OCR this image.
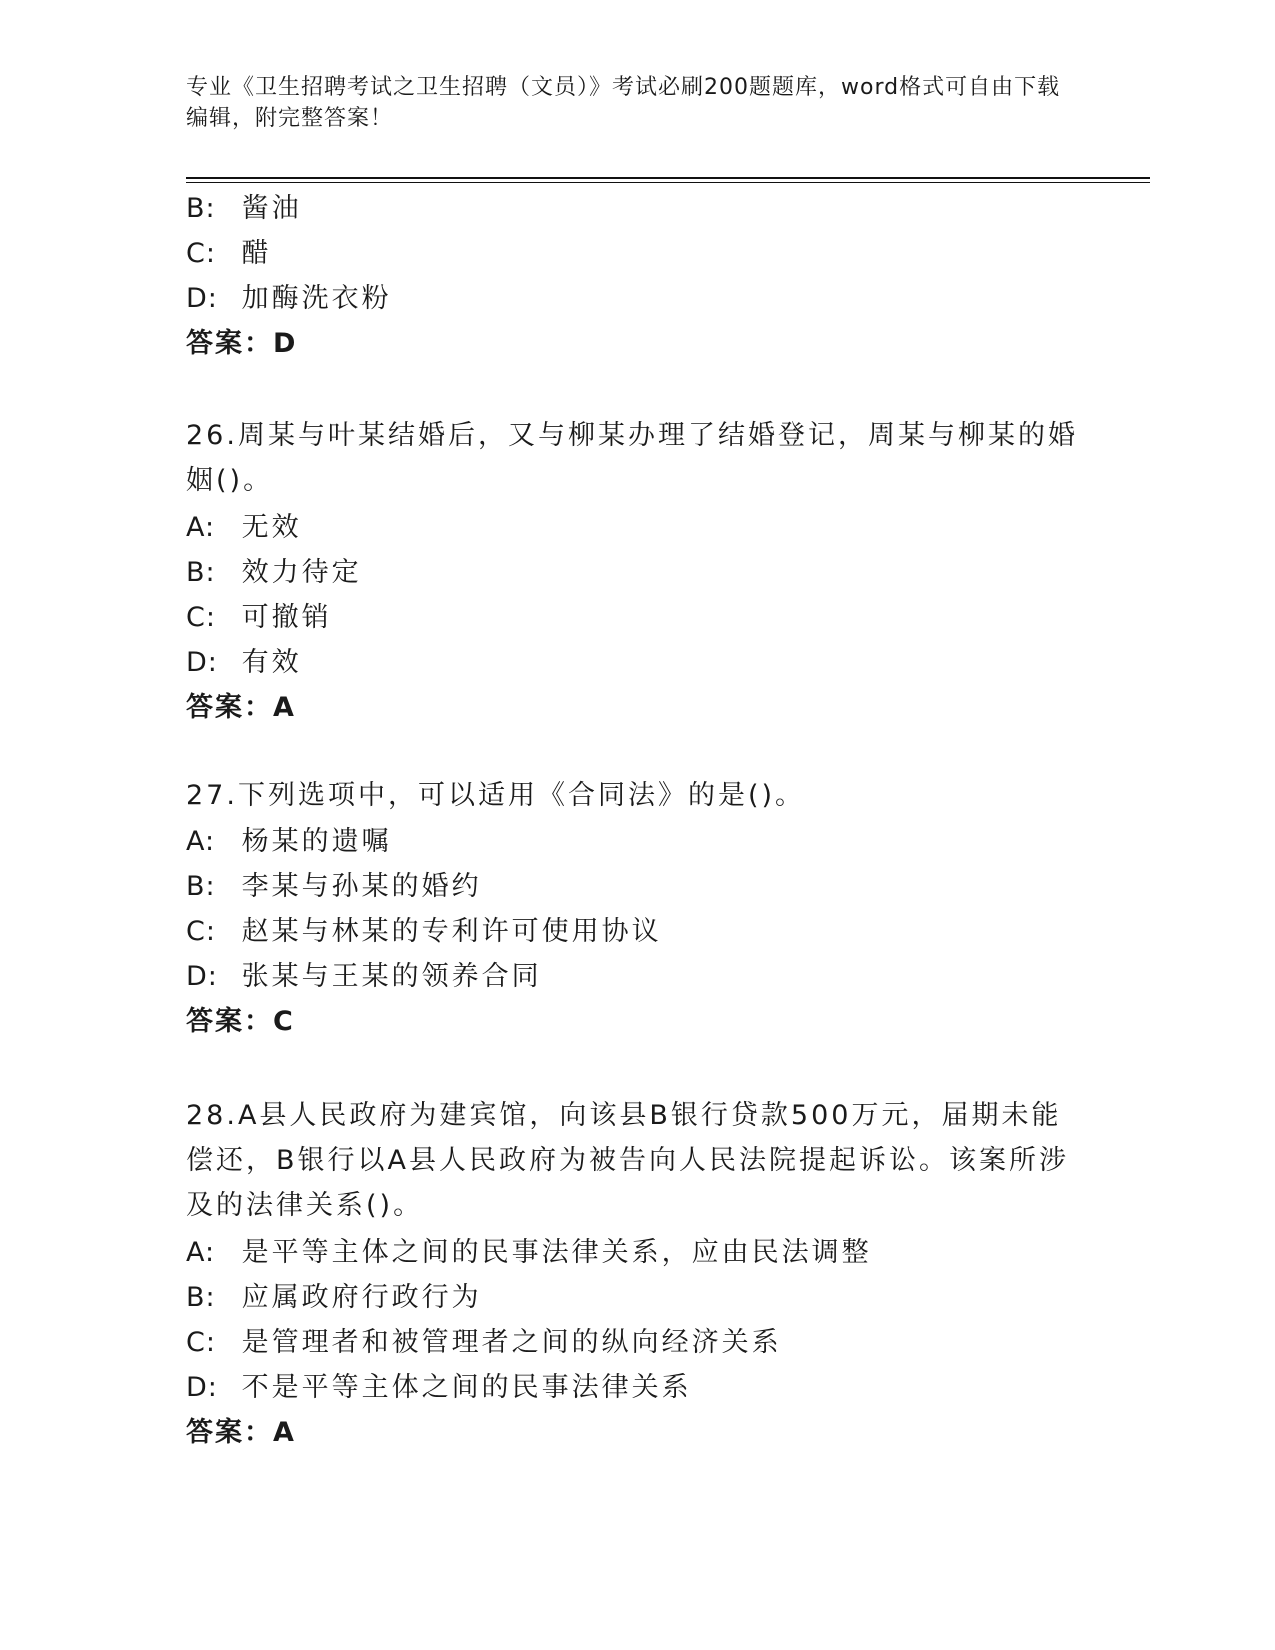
专业《卫生招聘考试之卫生招聘（文员）》考试必刷200题题库，word格式可自由下载编辑，附完整答案！
B: 酱油
C: 醋
D: 加酶洗衣粉
答案：D
26.周某与叶某结婚后，又与柳某办理了结婚登记，周某与柳某的婚姻()。
A: 无效
B: 效力待定
C: 可撤销
D: 有效
答案：A
27.下列选项中，可以适用《合同法》的是()。
A: 杨某的遗嘱
B: 李某与孙某的婚约
C: 赵某与林某的专利许可使用协议
D: 张某与王某的领养合同
答案：C
28.A县人民政府为建宾馆，向该县B银行贷款500万元，届期未能偿还，B银行以A县人民政府为被告向人民法院提起诉讼。该案所涉及的法律关系()。
A: 是平等主体之间的民事法律关系，应由民法调整
B: 应属政府行政行为
C: 是管理者和被管理者之间的纵向经济关系
D: 不是平等主体之间的民事法律关系
答案：A
